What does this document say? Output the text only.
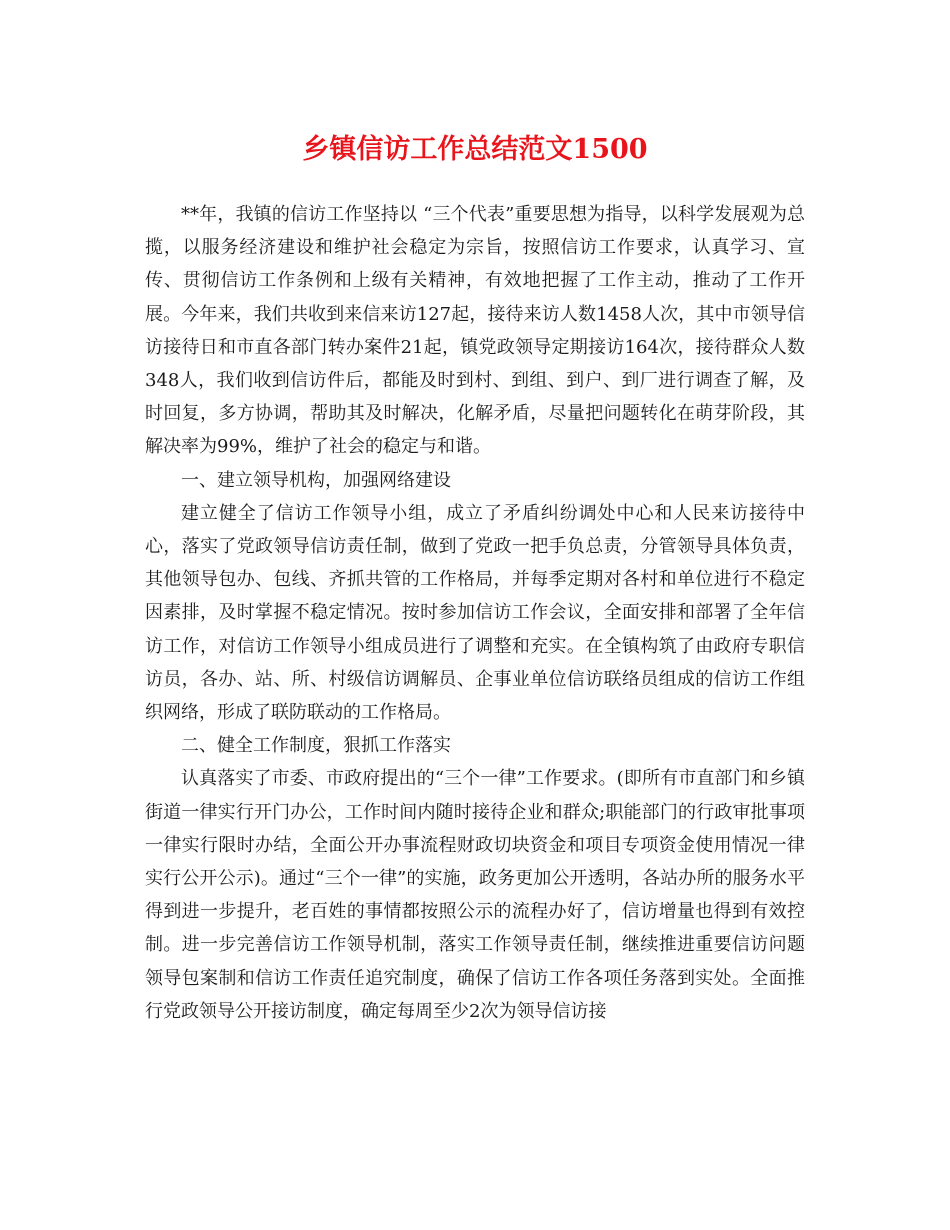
乡镇信访工作总结范文1500

**年，我镇的信访工作坚持以 “三个代表”重要思想为指导，以科学发展观为总揽，以服务经济建设和维护社会稳定为宗旨，按照信访工作要求，认真学习、宣传、贯彻信访工作条例和上级有关精神，有效地把握了工作主动，推动了工作开展。今年来，我们共收到来信来访127起，接待来访人数1458人次，其中市领导信访接待日和市直各部门转办案件21起，镇党政领导定期接访164次，接待群众人数348人，我们收到信访件后，都能及时到村、到组、到户、到厂进行调查了解，及时回复，多方协调，帮助其及时解决，化解矛盾，尽量把问题转化在萌芽阶段，其解决率为99%，维护了社会的稳定与和谐。

一、建立领导机构，加强网络建设

建立健全了信访工作领导小组，成立了矛盾纠纷调处中心和人民来访接待中心，落实了党政领导信访责任制，做到了党政一把手负总责，分管领导具体负责，其他领导包办、包线、齐抓共管的工作格局，并每季定期对各村和单位进行不稳定因素排，及时掌握不稳定情况。按时参加信访工作会议，全面安排和部署了全年信访工作，对信访工作领导小组成员进行了调整和充实。在全镇构筑了由政府专职信访员，各办、站、所、村级信访调解员、企事业单位信访联络员组成的信访工作组织网络，形成了联防联动的工作格局。

二、健全工作制度，狠抓工作落实

认真落实了市委、市政府提出的“三个一律”工作要求。(即所有市直部门和乡镇街道一律实行开门办公，工作时间内随时接待企业和群众;职能部门的行政审批事项一律实行限时办结，全面公开办事流程财政切块资金和项目专项资金使用情况一律实行公开公示)。通过“三个一律”的实施，政务更加公开透明，各站办所的服务水平得到进一步提升，老百姓的事情都按照公示的流程办好了，信访增量也得到有效控制。进一步完善信访工作领导机制，落实工作领导责任制，继续推进重要信访问题领导包案制和信访工作责任追究制度，确保了信访工作各项任务落到实处。全面推行党政领导公开接访制度，确定每周至少2次为领导信访接
